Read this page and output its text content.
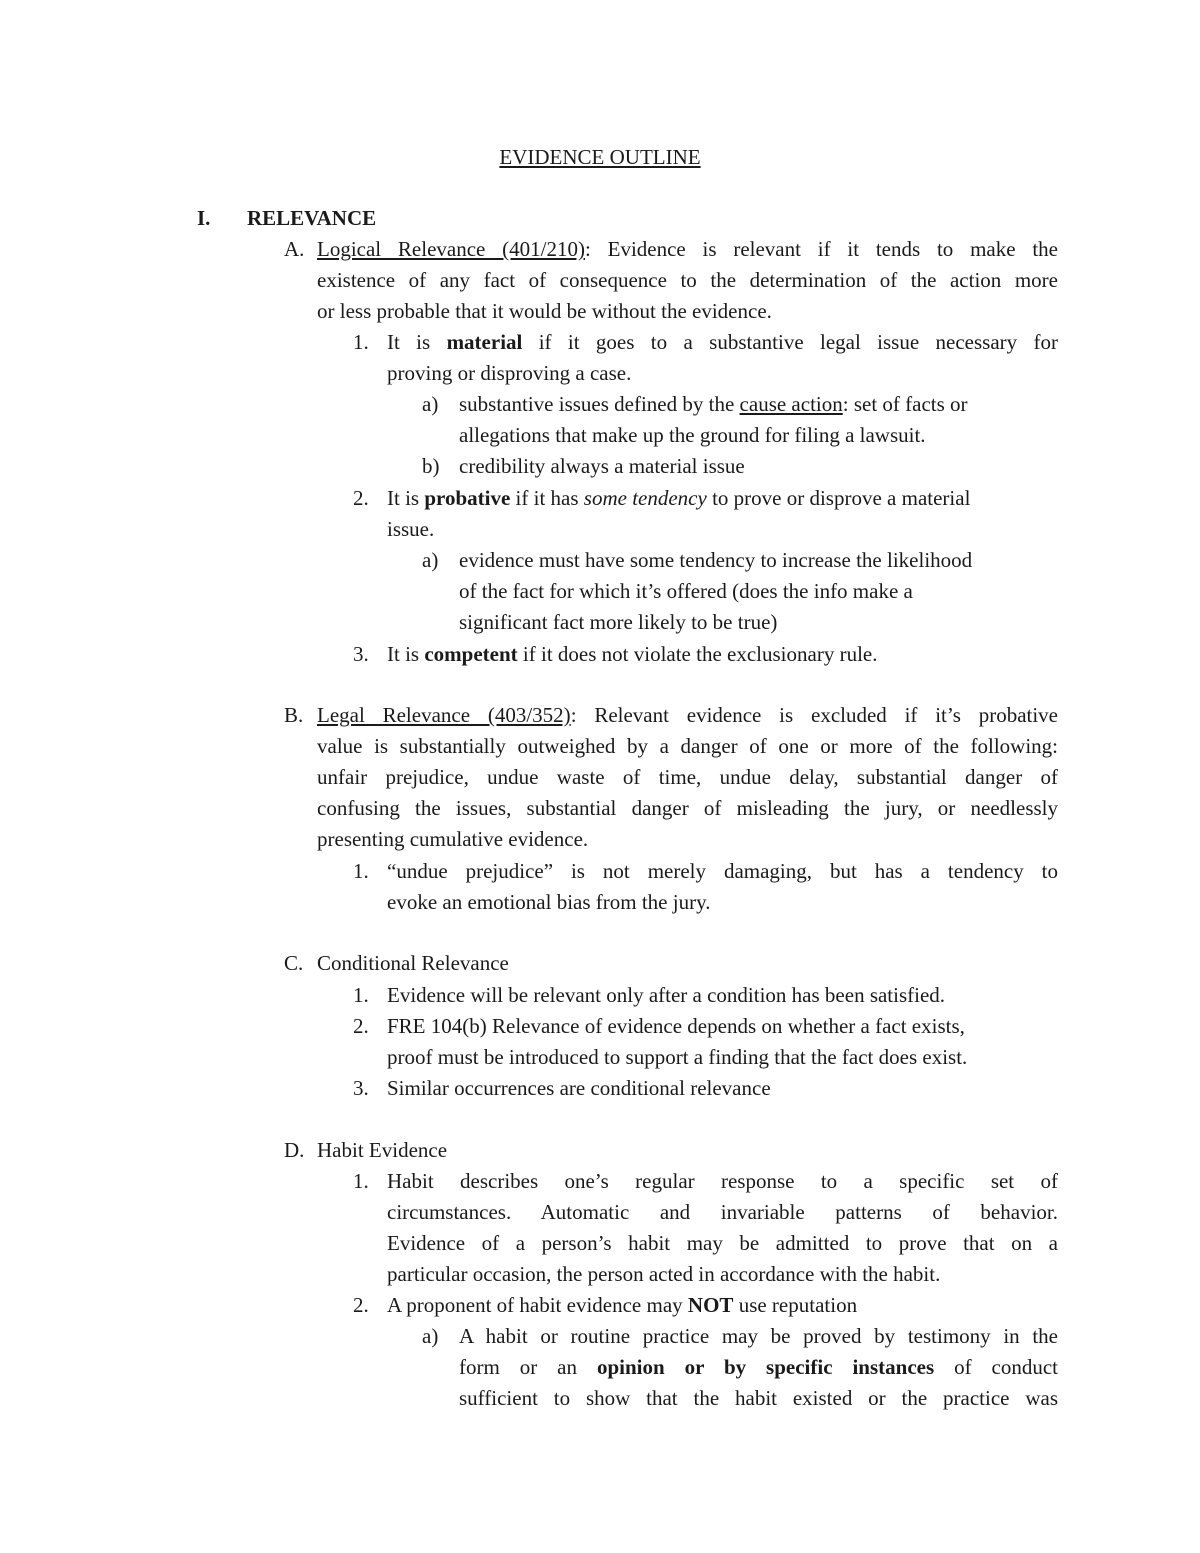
EVIDENCE OUTLINE
I. RELEVANCE
A. Logical Relevance (401/210): Evidence is relevant if it tends to make the
existence of any fact of consequence to the determination of the action more
or less probable that it would be without the evidence.
1. It is material if it goes to a substantive legal issue necessary for
proving or disproving a case.
a) substantive issues defined by the cause action: set of facts or
allegations that make up the ground for filing a lawsuit.
b) credibility always a material issue
2. It is probative if it has some tendency to prove or disprove a material
issue.
a) evidence must have some tendency to increase the likelihood
of the fact for which it’s offered (does the info make a
significant fact more likely to be true)
3. It is competent if it does not violate the exclusionary rule.
B. Legal Relevance (403/352): Relevant evidence is excluded if it’s probative
value is substantially outweighed by a danger of one or more of the following:
unfair prejudice, undue waste of time, undue delay, substantial danger of
confusing the issues, substantial danger of misleading the jury, or needlessly
presenting cumulative evidence.
1. “undue prejudice” is not merely damaging, but has a tendency to
evoke an emotional bias from the jury.
C. Conditional Relevance
1. Evidence will be relevant only after a condition has been satisfied.
2. FRE 104(b) Relevance of evidence depends on whether a fact exists,
proof must be introduced to support a finding that the fact does exist.
3. Similar occurrences are conditional relevance
D. Habit Evidence
1. Habit describes one’s regular response to a specific set of
circumstances. Automatic and invariable patterns of behavior.
Evidence of a person’s habit may be admitted to prove that on a
particular occasion, the person acted in accordance with the habit.
2. A proponent of habit evidence may NOT use reputation
a) A habit or routine practice may be proved by testimony in the
form or an opinion or by specific instances of conduct
sufficient to show that the habit existed or the practice was
